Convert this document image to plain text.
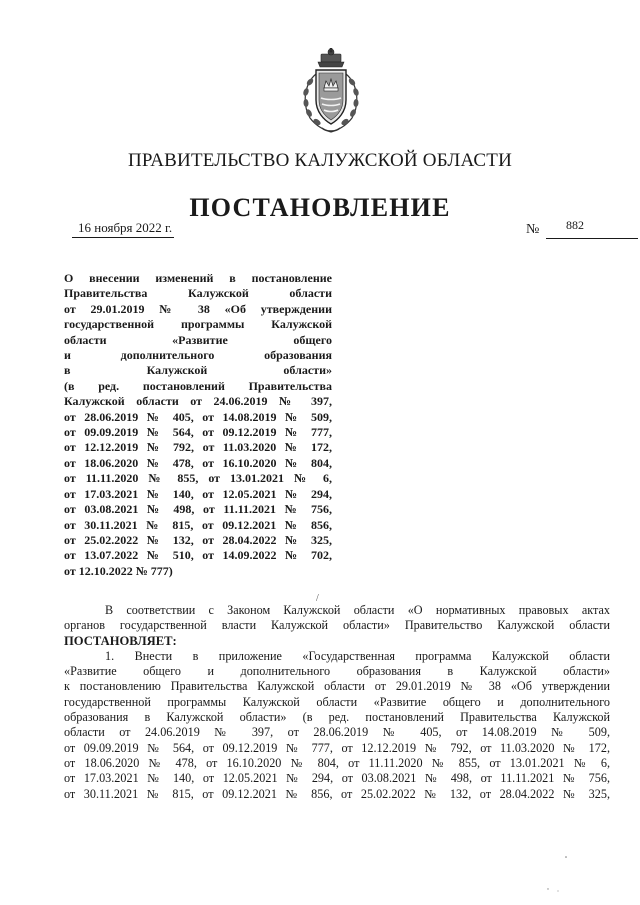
ПРАВИТЕЛЬСТВО КАЛУЖСКОЙ ОБЛАСТИ
ПОСТАНОВЛЕНИЕ
16 ноября 2022 г.	№ 882
О внесении изменений в постановление
Правительства Калужской области
от 29.01.2019 № 38 «Об утверждении
государственной программы Калужской
области «Развитие общего
и дополнительного образования
в Калужской области»
(в ред. постановлений Правительства
Калужской области от 24.06.2019 № 397,
от 28.06.2019 № 405, от 14.08.2019 № 509,
от 09.09.2019 № 564, от 09.12.2019 № 777,
от 12.12.2019 № 792, от 11.03.2020 № 172,
от 18.06.2020 № 478, от 16.10.2020 № 804,
от 11.11.2020 № 855, от 13.01.2021 № 6,
от 17.03.2021 № 140, от 12.05.2021 № 294,
от 03.08.2021 № 498, от 11.11.2021 № 756,
от 30.11.2021 № 815, от 09.12.2021 № 856,
от 25.02.2022 № 132, от 28.04.2022 № 325,
от 13.07.2022 № 510, от 14.09.2022 № 702,
от 12.10.2022 № 777)
/
В соответствии с Законом Калужской области «О нормативных правовых актах
органов государственной власти Калужской области» Правительство Калужской области
ПОСТАНОВЛЯЕТ:
1. Внести в приложение «Государственная программа Калужской области
«Развитие общего и дополнительного образования в Калужской области»
к постановлению Правительства Калужской области от 29.01.2019 № 38 «Об утверждении
государственной программы Калужской области «Развитие общего и дополнительного
образования в Калужской области» (в ред. постановлений Правительства Калужской
области от 24.06.2019 № 397, от 28.06.2019 № 405, от 14.08.2019 № 509,
от 09.09.2019 № 564, от 09.12.2019 № 777, от 12.12.2019 № 792, от 11.03.2020 № 172,
от 18.06.2020 № 478, от 16.10.2020 № 804, от 11.11.2020 № 855, от 13.01.2021 № 6,
от 17.03.2021 № 140, от 12.05.2021 № 294, от 03.08.2021 № 498, от 11.11.2021 № 756,
от 30.11.2021 № 815, от 09.12.2021 № 856, от 25.02.2022 № 132, от 28.04.2022 № 325,
